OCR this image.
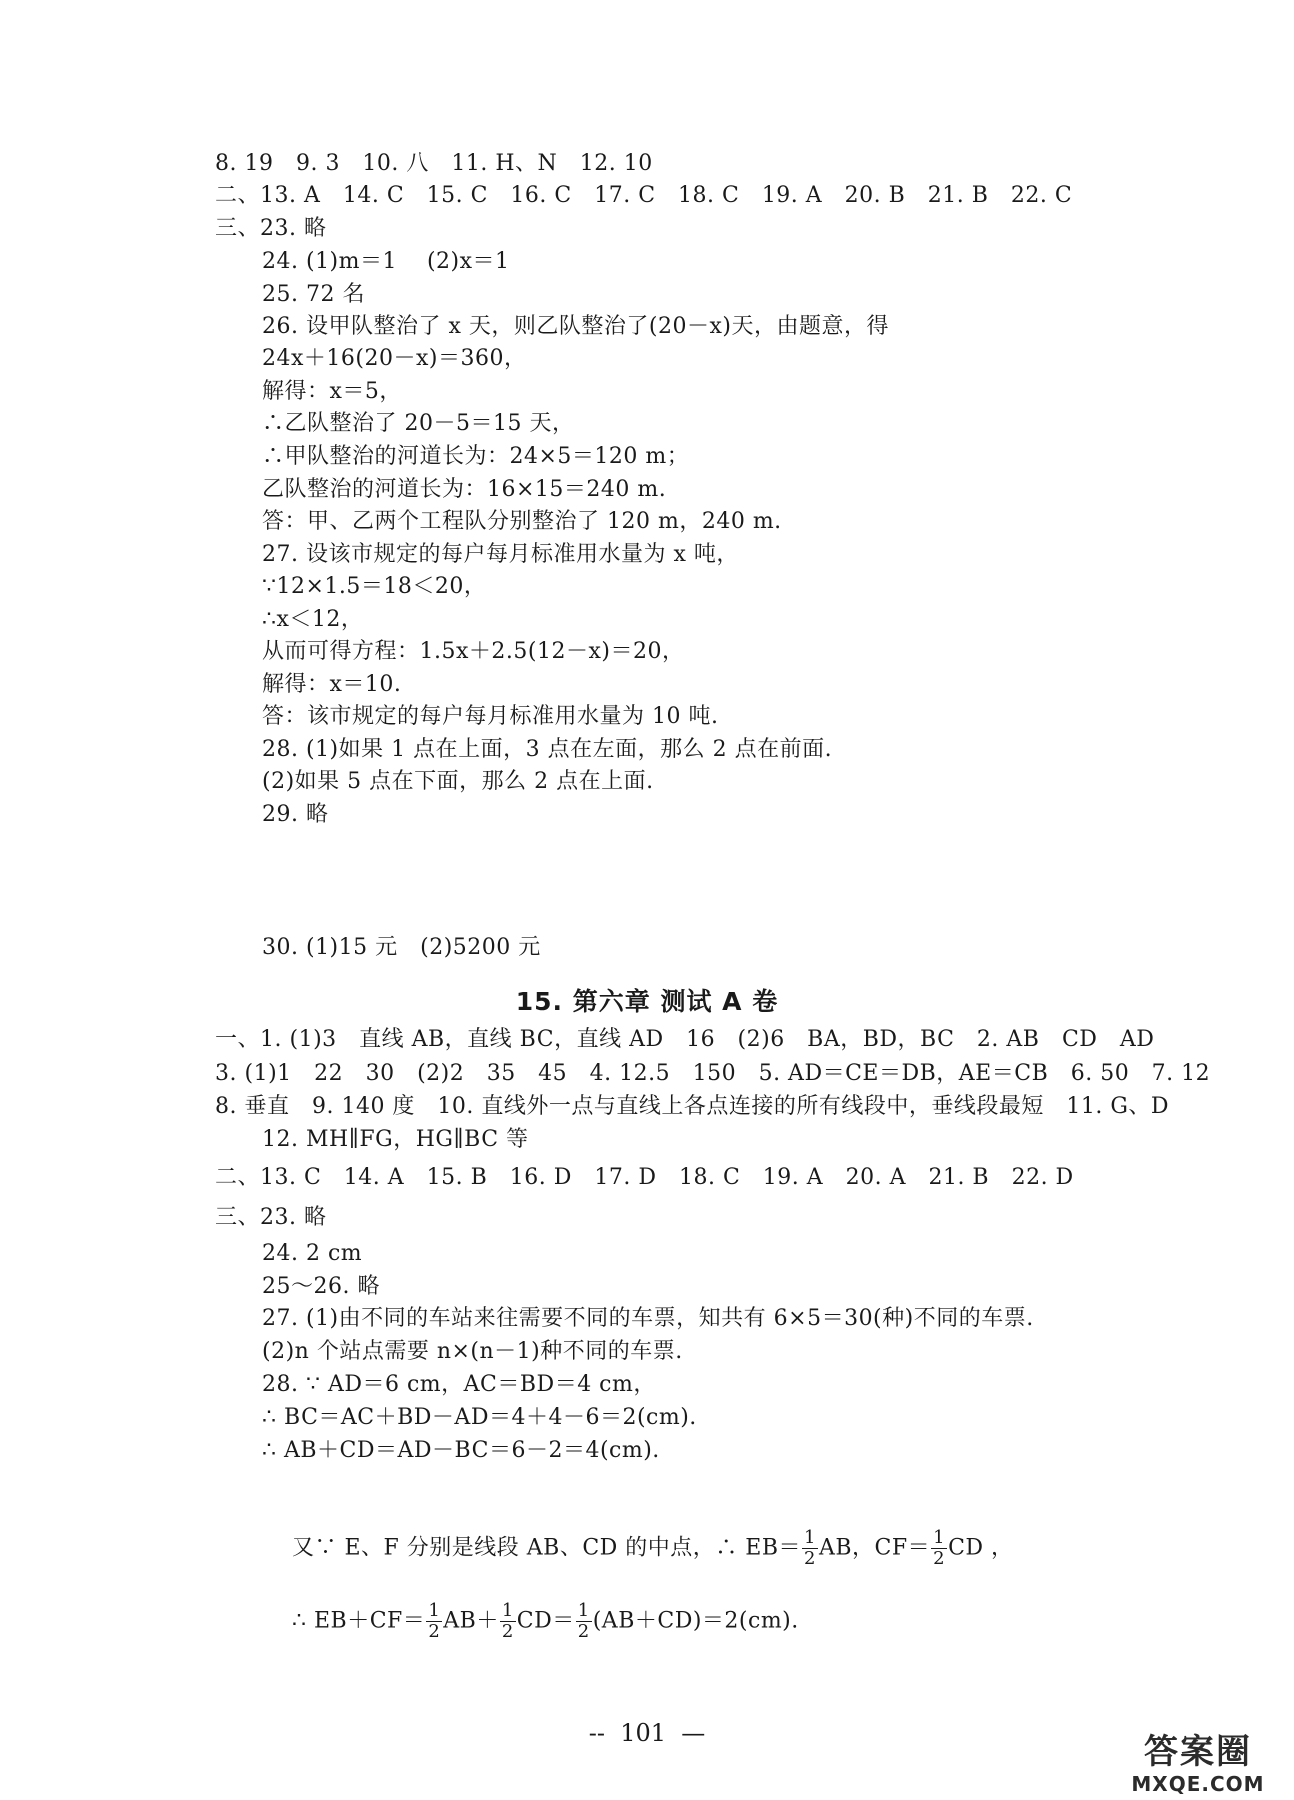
8. 19   9. 3   10. 八   11. H、N   12. 10
二、13. A   14. C   15. C   16. C   17. C   18. C   19. A   20. B   21. B   22. C
三、23. 略
24. (1)m＝1    (2)x＝1
25. 72 名
26. 设甲队整治了 x 天，则乙队整治了(20－x)天，由题意，得
24x＋16(20－x)＝360，
解得：x＝5，
∴乙队整治了 20－5＝15 天，
∴甲队整治的河道长为：24×5＝120 m；
乙队整治的河道长为：16×15＝240 m.
答：甲、乙两个工程队分别整治了 120 m，240 m.
27. 设该市规定的每户每月标准用水量为 x 吨，
∵12×1.5＝18＜20，
∴x＜12，
从而可得方程：1.5x＋2.5(12－x)＝20，
解得：x＝10.
答：该市规定的每户每月标准用水量为 10 吨.
28. (1)如果 1 点在上面，3 点在左面，那么 2 点在前面.
(2)如果 5 点在下面，那么 2 点在上面.
29. 略
30. (1)15 元   (2)5200 元
15. 第六章 测试 A 卷
一、1. (1)3   直线 AB，直线 BC，直线 AD   16   (2)6   BA，BD，BC   2. AB   CD   AD
3. (1)1   22   30   (2)2   35   45   4. 12.5   150   5. AD＝CE＝DB，AE＝CB   6. 50   7. 12
8. 垂直   9. 140 度   10. 直线外一点与直线上各点连接的所有线段中，垂线段最短   11. G、D
12. MH∥FG，HG∥BC 等
二、13. C   14. A   15. B   16. D   17. D   18. C   19. A   20. A   21. B   22. D
三、23. 略
24. 2 cm
25～26. 略
27. (1)由不同的车站来往需要不同的车票，知共有 6×5＝30(种)不同的车票.
(2)n 个站点需要 n×(n－1)种不同的车票.
28. ∵ AD＝6 cm，AC＝BD＝4 cm，
∴ BC＝AC＋BD－AD＝4＋4－6＝2(cm).
∴ AB＋CD＝AD－BC＝6－2＝4(cm).

又∵ E、F 分别是线段 AB、CD 的中点，∴ $EB= \frac{1}{2}$ AB，$CF= \frac{1}{2}$ CD ，

∴ $EB+CF= \frac{1}{2} AB+ \frac{1}{2} CD= \frac{1}{2} (AB+CD)=2(cm)$.

--  101  —	答案圈
MXQE.COM
